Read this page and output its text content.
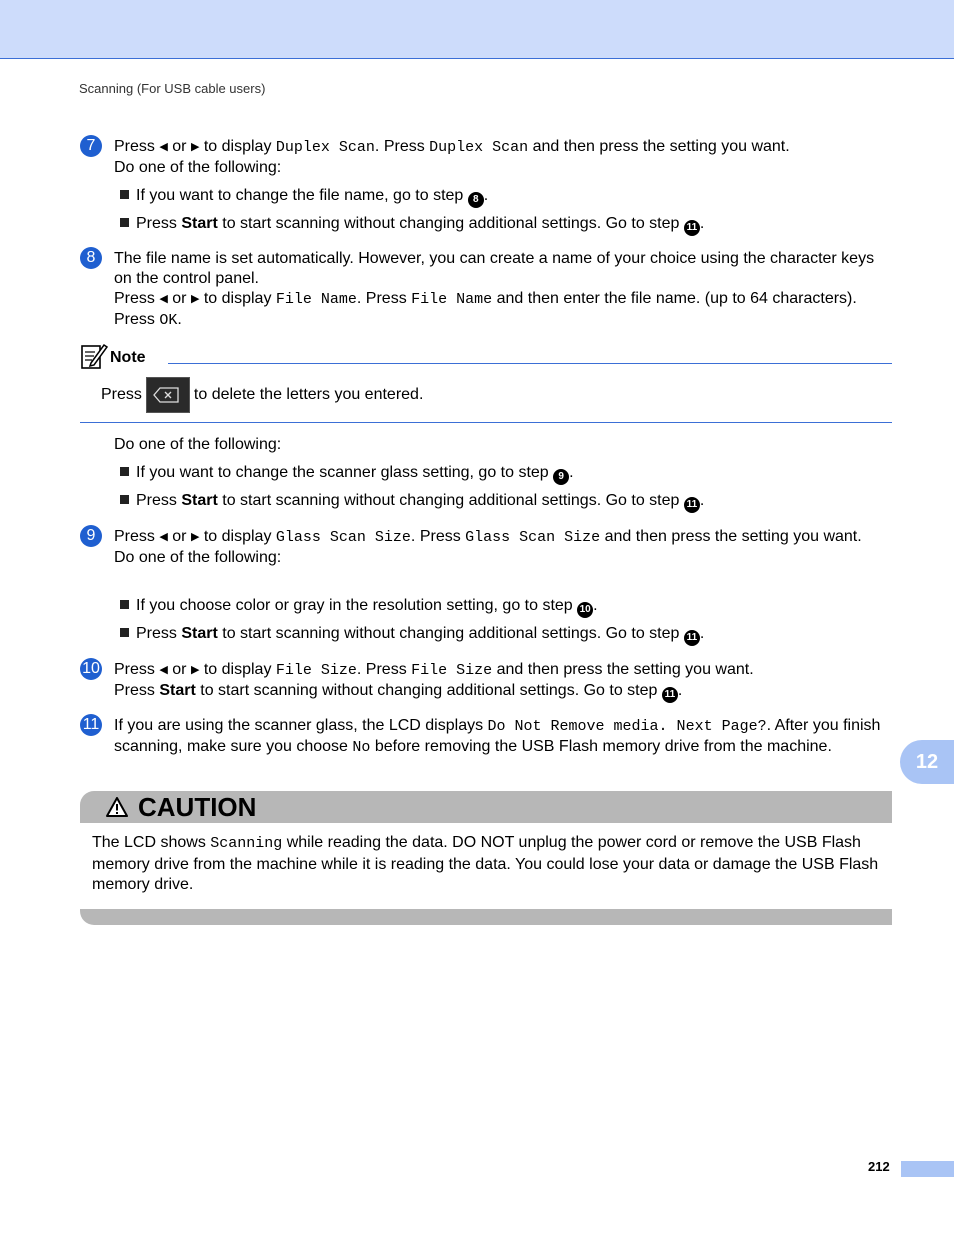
Scanning (For USB cable users)
7	Press ◀ or ▶ to display Duplex Scan. Press Duplex Scan and then press the setting you want.
Do one of the following:
If you want to change the file name, go to step 8 .
Press Start to start scanning without changing additional settings. Go to step 11 .
8	The file name is set automatically. However, you can create a name of your choice using the character keys on the control panel.
Press ◀ or ▶ to display File Name. Press File Name and then enter the file name. (up to 64 characters). Press OK.
Note
Press	to delete the letters you entered.
Do one of the following:
If you want to change the scanner glass setting, go to step 9 .
Press Start to start scanning without changing additional settings. Go to step 11 .
9	Press ◀ or ▶ to display Glass Scan Size. Press Glass Scan Size and then press the setting you want.
Do one of the following:
If you choose color or gray in the resolution setting, go to step 10 .
Press Start to start scanning without changing additional settings. Go to step 11 .
10 Press ◀ or ▶ to display File Size. Press File Size and then press the setting you want.
Press Start to start scanning without changing additional settings. Go to step 11 .
11 If you are using the scanner glass, the LCD displays Do Not Remove media. Next Page?. After you finish scanning, make sure you choose No before removing the USB Flash memory drive from the machine.
12
CAUTION
The LCD shows Scanning while reading the data. DO NOT unplug the power cord or remove the USB Flash memory drive from the machine while it is reading the data. You could lose your data or damage the USB Flash memory drive.
212
